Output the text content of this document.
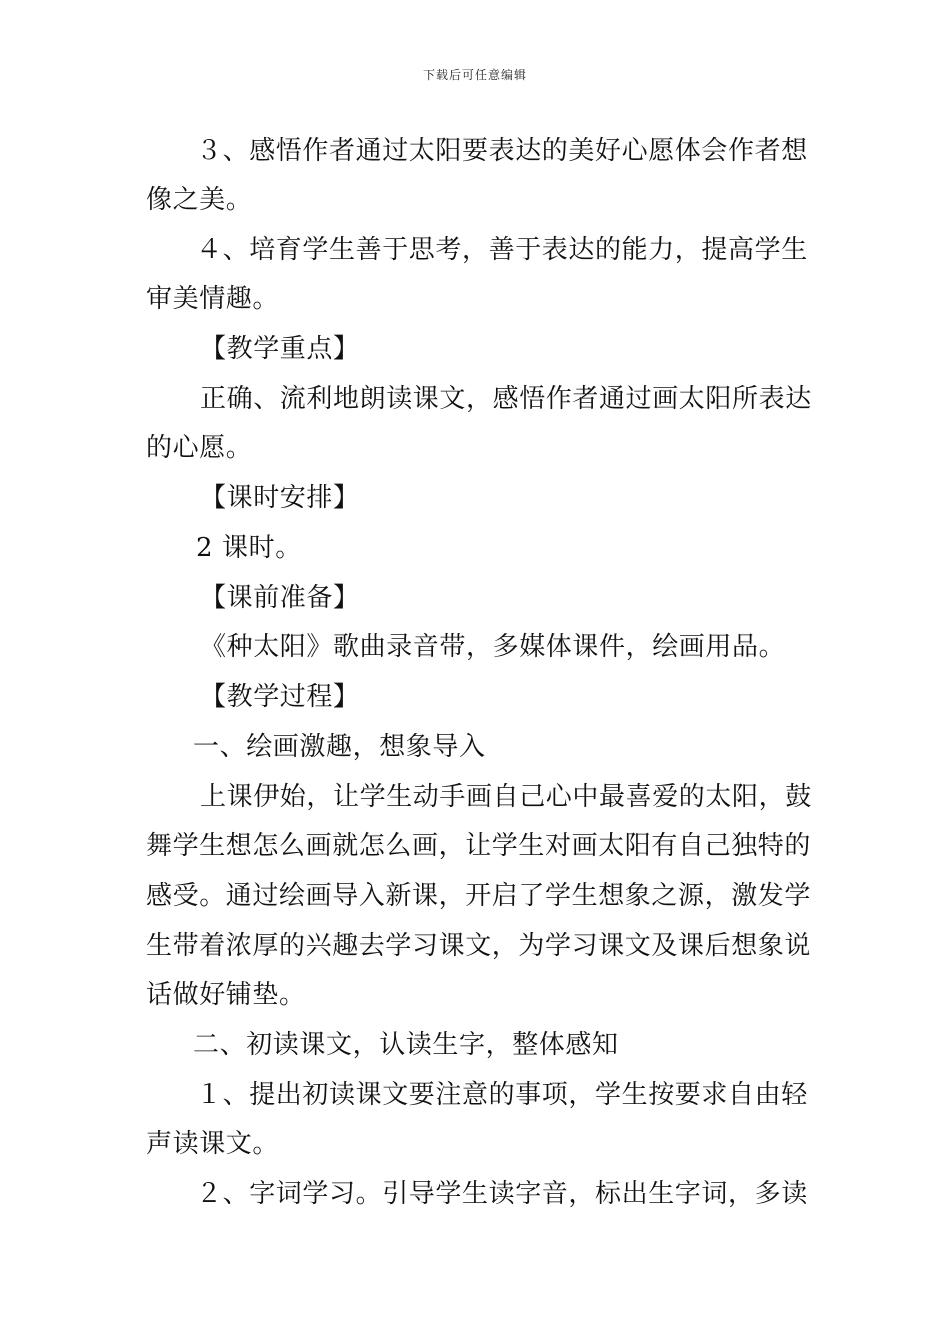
下载后可任意编辑
３、感悟作者通过太阳要表达的美好心愿体会作者想
像之美。
４、培育学生善于思考，善于表达的能力，提高学生
审美情趣。
【教学重点】
正确、流利地朗读课文，感悟作者通过画太阳所表达
的心愿。
【课时安排】
2 课时。
【课前准备】
《种太阳》歌曲录音带，多媒体课件，绘画用品。
【教学过程】
一、绘画激趣，想象导入
上课伊始，让学生动手画自己心中最喜爱的太阳，鼓
舞学生想怎么画就怎么画，让学生对画太阳有自己独特的
感受。通过绘画导入新课，开启了学生想象之源，激发学
生带着浓厚的兴趣去学习课文，为学习课文及课后想象说
话做好铺垫。
二、初读课文，认读生字，整体感知
１、提出初读课文要注意的事项，学生按要求自由轻
声读课文。
２、字词学习。引导学生读字音，标出生字词，多读
